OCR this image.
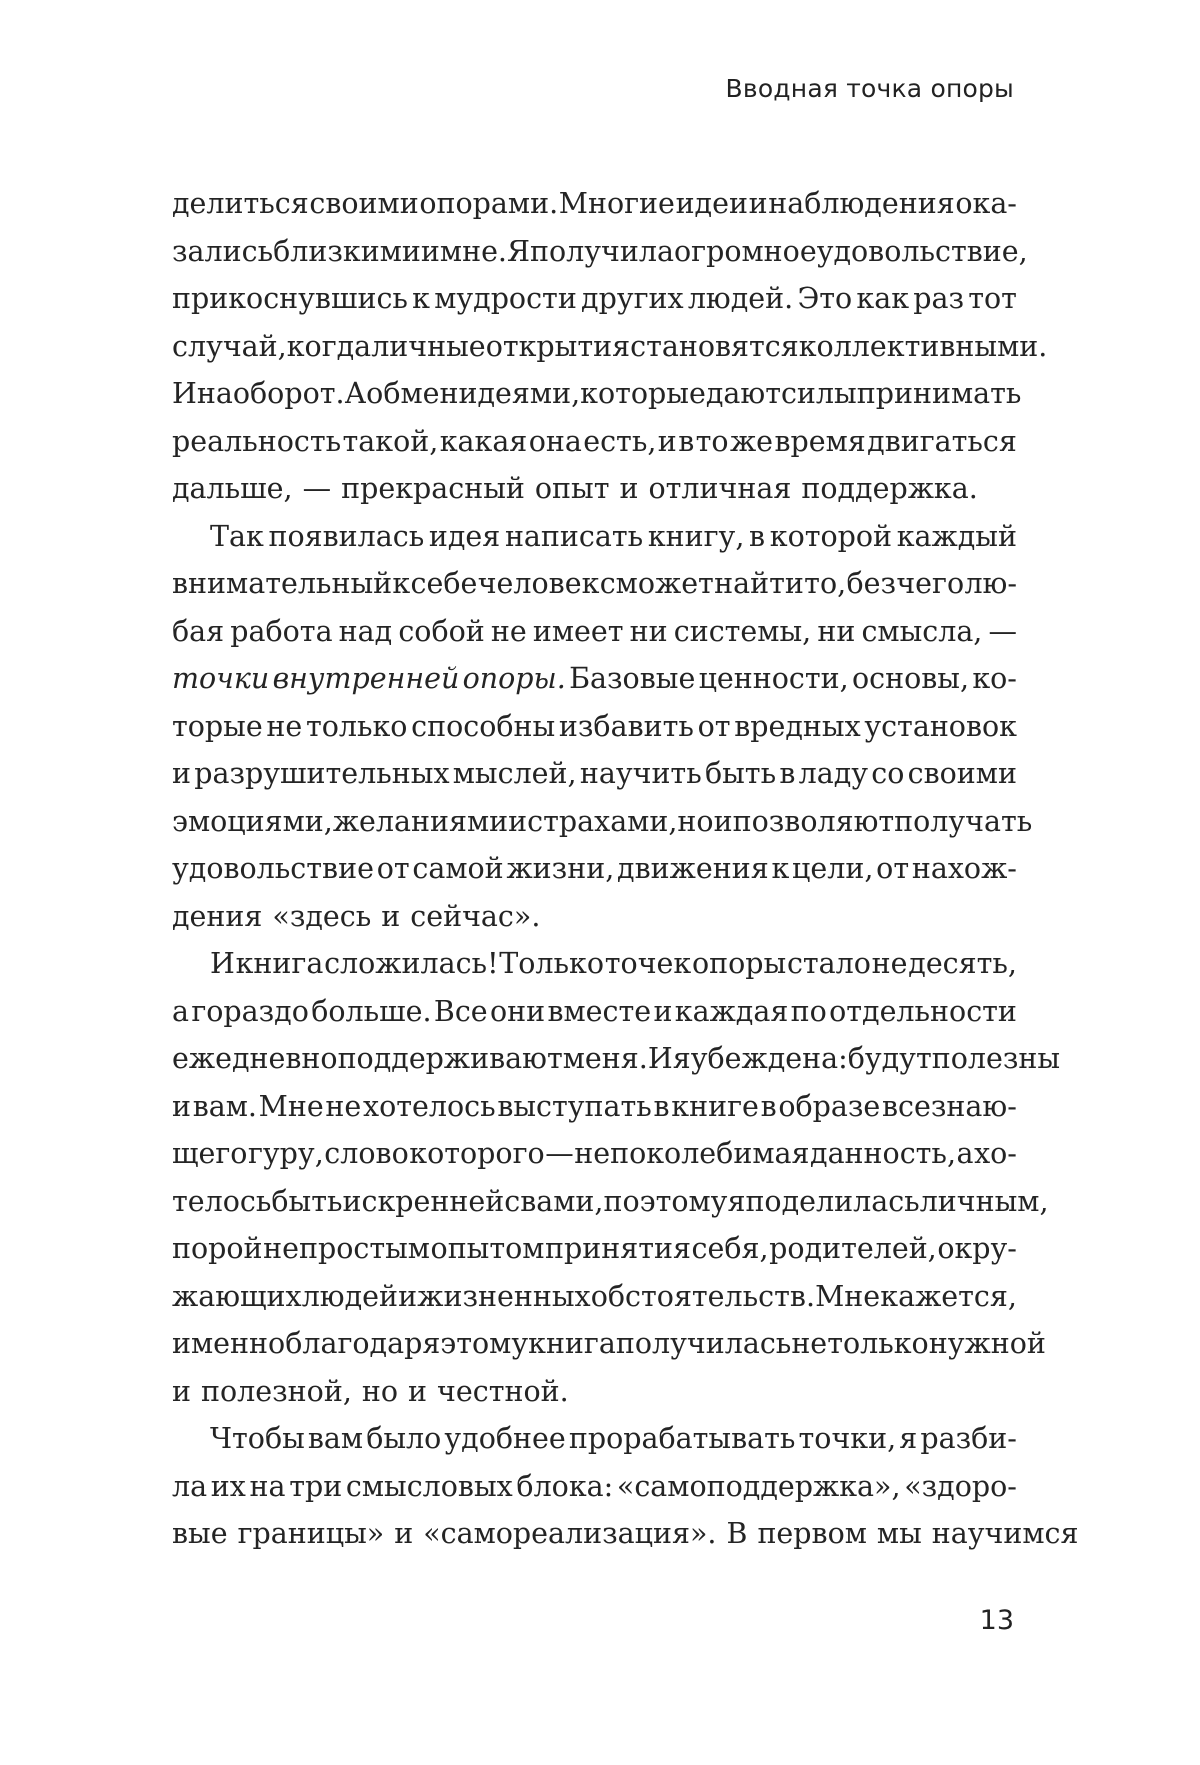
Вводная точка опоры
делиться своими опорами. Многие идеи и наблюдения ока-
зались близкими и мне. Я получила огромное удовольствие,
прикоснувшись к мудрости других людей. Это как раз тот
случай, когда личные открытия становятся коллективными.
И наоборот. А обмен идеями, которые дают силы принимать
реальность такой, какая она есть, и в то же время двигаться
дальше, — прекрасный опыт и отличная поддержка.
Так появилась идея написать книгу, в которой каждый
внимательный к себе человек сможет найти то, без чего лю-
бая работа над собой не имеет ни системы, ни смысла, —
точки внутренней опоры. Базовые ценности, основы, ко-
торые не только способны избавить от вредных установок
и разрушительных мыслей, научить быть в ладу со своими
эмоциями, желаниями и страхами, но и позволяют получать
удовольствие от самой жизни, движения к цели, от нахож-
дения «здесь и сейчас».
И книга сложилась! Только точек опоры стало не десять,
а гораздо больше. Все они вместе и каждая по отдельности
ежедневно поддерживают меня. И я убеждена: будут полезны
и вам. Мне не хотелось выступать в книге в образе всезнаю-
щего гуру, слово которого — непоколебимая данность, а хо-
телось быть искренней с вами, поэтому я поделилась личным,
порой непростым опытом принятия себя, родителей, окру-
жающих людей и жизненных обстоятельств. Мне кажется,
именно благодаря этому книга получилась не только нужной
и полезной, но и честной.
Чтобы вам было удобнее прорабатывать точки, я разби-
ла их на три смысловых блока: «самоподдержка», «здоро-
вые границы» и «самореализация». В первом мы научимся
13
